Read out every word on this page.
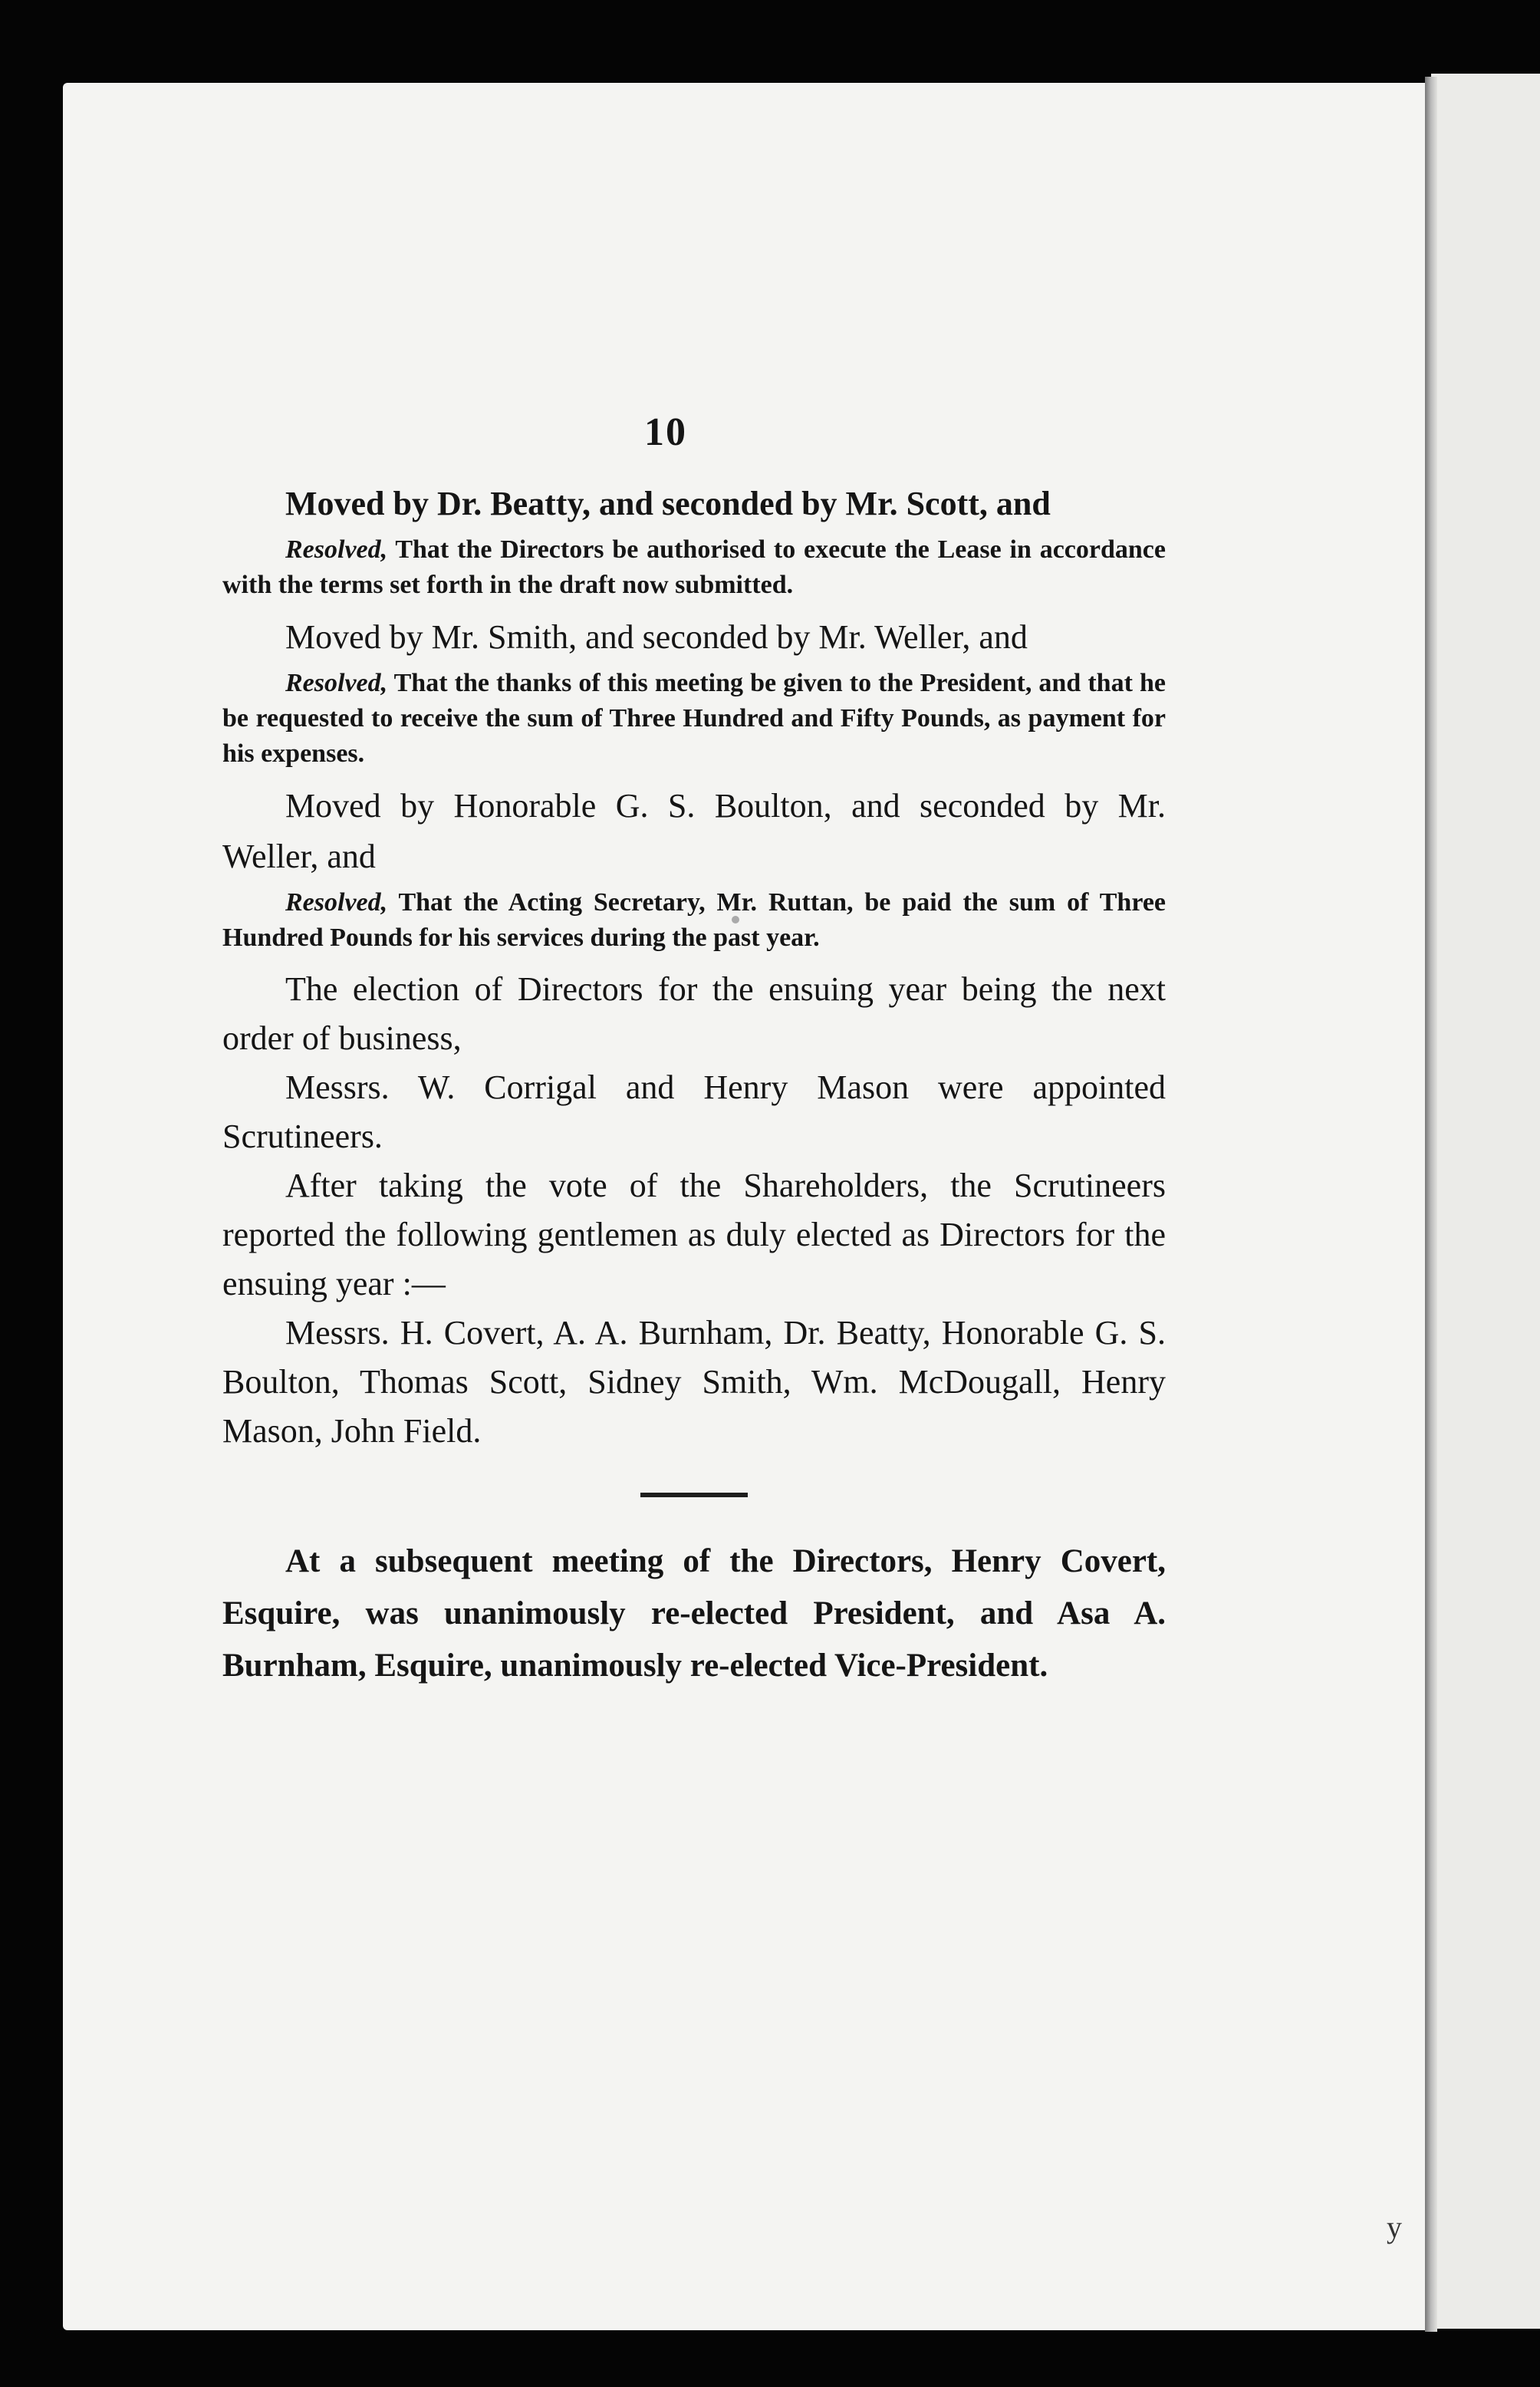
10

Moved by Dr. Beatty, and seconded by Mr. Scott, and

Resolved, That the Directors be authorised to execute the Lease in accordance with the terms set forth in the draft now submitted.

Moved by Mr. Smith, and seconded by Mr. Weller, and

Resolved, That the thanks of this meeting be given to the President, and that he be requested to receive the sum of Three Hundred and Fifty Pounds, as payment for his expenses.

Moved by Honorable G. S. Boulton, and seconded by Mr. Weller, and

Resolved, That the Acting Secretary, Mr. Ruttan, be paid the sum of Three Hundred Pounds for his services during the past year.

The election of Directors for the ensuing year being the next order of business,

Messrs. W. Corrigal and Henry Mason were appointed Scrutineers.

After taking the vote of the Shareholders, the Scrutineers reported the following gentlemen as duly elected as Directors for the ensuing year :—

Messrs. H. Covert, A. A. Burnham, Dr. Beatty, Honorable G. S. Boulton, Thomas Scott, Sidney Smith, Wm. McDougall, Henry Mason, John Field.

At a subsequent meeting of the Directors, Henry Covert, Esquire, was unanimously re-elected President, and Asa A. Burnham, Esquire, unanimously re-elected Vice-President.

y
